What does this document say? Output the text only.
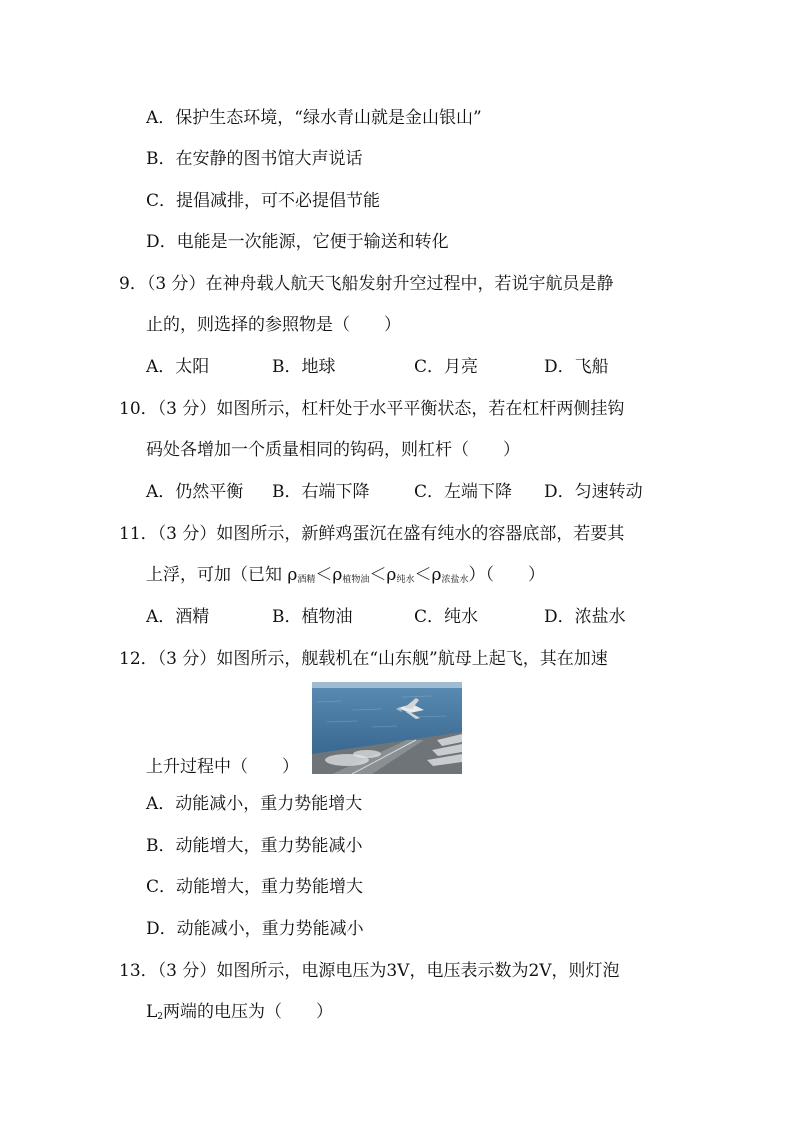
A．保护生态环境，“绿水青山就是金山银山”
B．在安静的图书馆大声说话
C．提倡减排，可不必提倡节能
D．电能是一次能源，它便于输送和转化
9．（3 分）在神舟载人航天飞船发射升空过程中，若说宇航员是静
止的，则选择的参照物是（　　）
A．太阳	B．地球	C．月亮	D．飞船
10．（3 分）如图所示，杠杆处于水平平衡状态，若在杠杆两侧挂钩
码处各增加一个质量相同的钩码，则杠杆（　　）
A．仍然平衡 B．右端下降	C．左端下降 D．匀速转动
11．（3 分）如图所示，新鲜鸡蛋沉在盛有纯水的容器底部，若要其
上浮，可加（已知 $\rho_{酒精}<\rho_{植物油}<\rho_{纯水}<\rho_{浓盐水}$）（　　）
A．酒精	B．植物油	C．纯水	D．浓盐水
12．（3 分）如图所示，舰载机在“山东舰”航母上起飞，其在加速
上升过程中（　　）
A．动能减小，重力势能增大
B．动能增大，重力势能减小
C．动能增大，重力势能增大
D．动能减小，重力势能减小
13．（3 分）如图所示，电源电压为3V，电压表示数为2V，则灯泡
$L_2$两端的电压为（　　）
